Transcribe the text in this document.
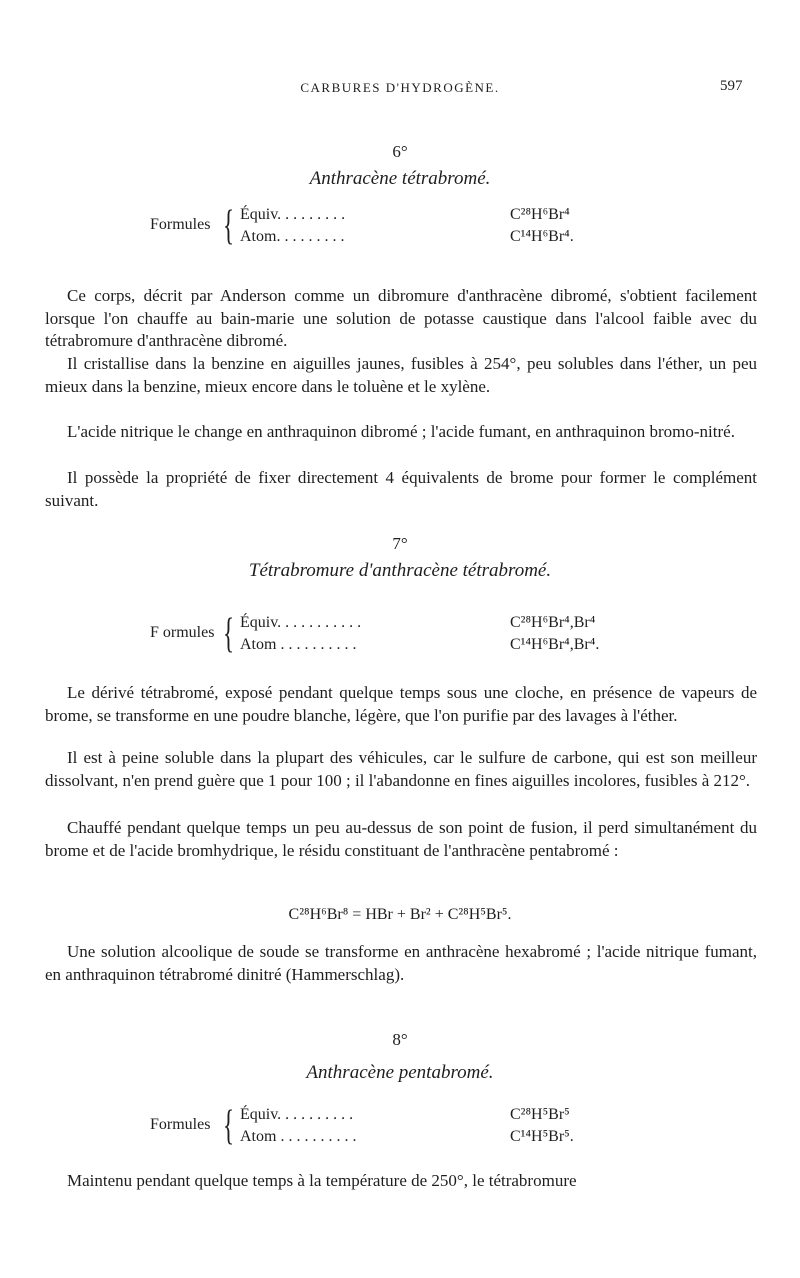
CARBURES D'HYDROGÈNE.	597
6°
Anthracène tétrabromé.
Formules { Équiv. . . . . . . . .	C²⁸H⁶Br⁴
Atom. . . . . . . . .	C¹⁴H⁶Br⁴.

Ce corps, décrit par Anderson comme un dibromure d'anthracène dibromé, s'obtient facilement lorsque l'on chauffe au bain-marie une solution de potasse caustique dans l'alcool faible avec du tétrabromure d'anthracène dibromé.

Il cristallise dans la benzine en aiguilles jaunes, fusibles à 254°, peu solubles dans l'éther, un peu mieux dans la benzine, mieux encore dans le toluène et le xylène.

L'acide nitrique le change en anthraquinon dibromé ; l'acide fumant, en anthraquinon bromo-nitré.

Il possède la propriété de fixer directement 4 équivalents de brome pour former le complément suivant.

7°
Tétrabromure d'anthracène tétrabromé.
F ormules { Équiv. . . . . . . . . . .	C²⁸H⁶Br⁴,Br⁴
Atom . . . . . . . . . .	C¹⁴H⁶Br⁴,Br⁴.

Le dérivé tétrabromé, exposé pendant quelque temps sous une cloche, en présence de vapeurs de brome, se transforme en une poudre blanche, légère, que l'on purifie par des lavages à l'éther.

Il est à peine soluble dans la plupart des véhicules, car le sulfure de carbone, qui est son meilleur dissolvant, n'en prend guère que 1 pour 100 ; il l'abandonne en fines aiguilles incolores, fusibles à 212°.

Chauffé pendant quelque temps un peu au-dessus de son point de fusion, il perd simultanément du brome et de l'acide bromhydrique, le résidu constituant de l'anthracène pentabromé :

C²⁸H⁶Br⁸ = HBr + Br² + C²⁸H⁵Br⁵.

Une solution alcoolique de soude se transforme en anthracène hexabromé ; l'acide nitrique fumant, en anthraquinon tétrabromé dinitré (Hammerschlag).

8°
Anthracène pentabromé.
Formules { Équiv. . . . . . . . . .	C²⁸H⁵Br⁵
Atom . . . . . . . . . .	C¹⁴H⁵Br⁵.

Maintenu pendant quelque temps à la température de 250°, le tétrabromure
